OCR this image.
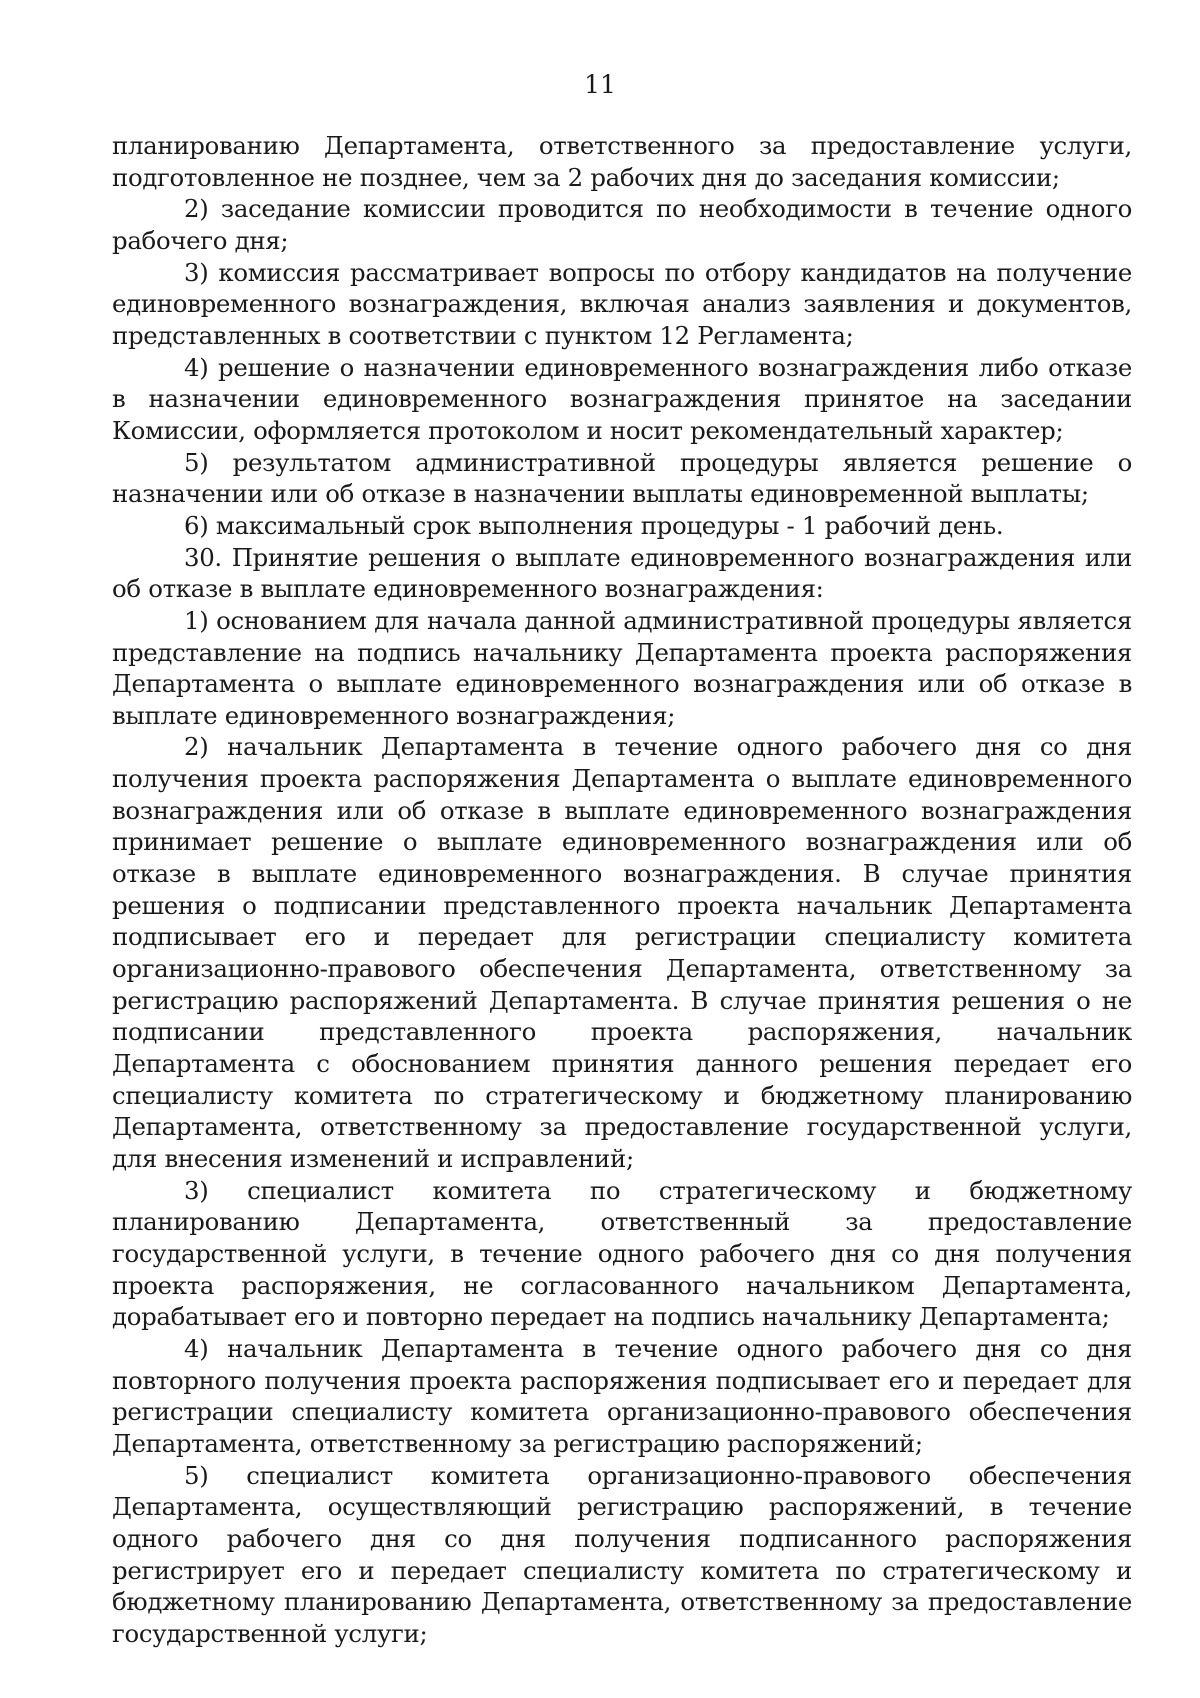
11

планированию Департамента, ответственного за предоставление услуги, подготовленное не позднее, чем за 2 рабочих дня до заседания комиссии;

2) заседание комиссии проводится по необходимости в течение одного рабочего дня;

3) комиссия рассматривает вопросы по отбору кандидатов на получение единовременного вознаграждения, включая анализ заявления и документов, представленных в соответствии с пунктом 12 Регламента;

4) решение о назначении единовременного вознаграждения либо отказе в назначении единовременного вознаграждения принятое на заседании Комиссии, оформляется протоколом и носит рекомендательный характер;

5) результатом административной процедуры является решение о назначении или об отказе в назначении выплаты единовременной выплаты;

6) максимальный срок выполнения процедуры - 1 рабочий день.

30. Принятие решения о выплате единовременного вознаграждения или об отказе в выплате единовременного вознаграждения:

1) основанием для начала данной административной процедуры является представление на подпись начальнику Департамента проекта распоряжения Департамента о выплате единовременного вознаграждения или об отказе в выплате единовременного вознаграждения;

2) начальник Департамента в течение одного рабочего дня со дня получения проекта распоряжения Департамента о выплате единовременного вознаграждения или об отказе в выплате единовременного вознаграждения принимает решение о выплате единовременного вознаграждения или об отказе в выплате единовременного вознаграждения. В случае принятия решения о подписании представленного проекта начальник Департамента подписывает его и передает для регистрации специалисту комитета организационно-правового обеспечения Департамента, ответственному за регистрацию распоряжений Департамента. В случае принятия решения о не подписании представленного проекта распоряжения, начальник Департамента с обоснованием принятия данного решения передает его специалисту комитета по стратегическому и бюджетному планированию Департамента, ответственному за предоставление государственной услуги, для внесения изменений и исправлений;

3) специалист комитета по стратегическому и бюджетному планированию Департамента, ответственный за предоставление государственной услуги, в течение одного рабочего дня со дня получения проекта распоряжения, не согласованного начальником Департамента, дорабатывает его и повторно передает на подпись начальнику Департамента;

4) начальник Департамента в течение одного рабочего дня со дня повторного получения проекта распоряжения подписывает его и передает для регистрации специалисту комитета организационно-правового обеспечения Департамента, ответственному за регистрацию распоряжений;

5) специалист комитета организационно-правового обеспечения Департамента, осуществляющий регистрацию распоряжений, в течение одного рабочего дня со дня получения подписанного распоряжения регистрирует его и передает специалисту комитета по стратегическому и бюджетному планированию Департамента, ответственному за предоставление государственной услуги;
